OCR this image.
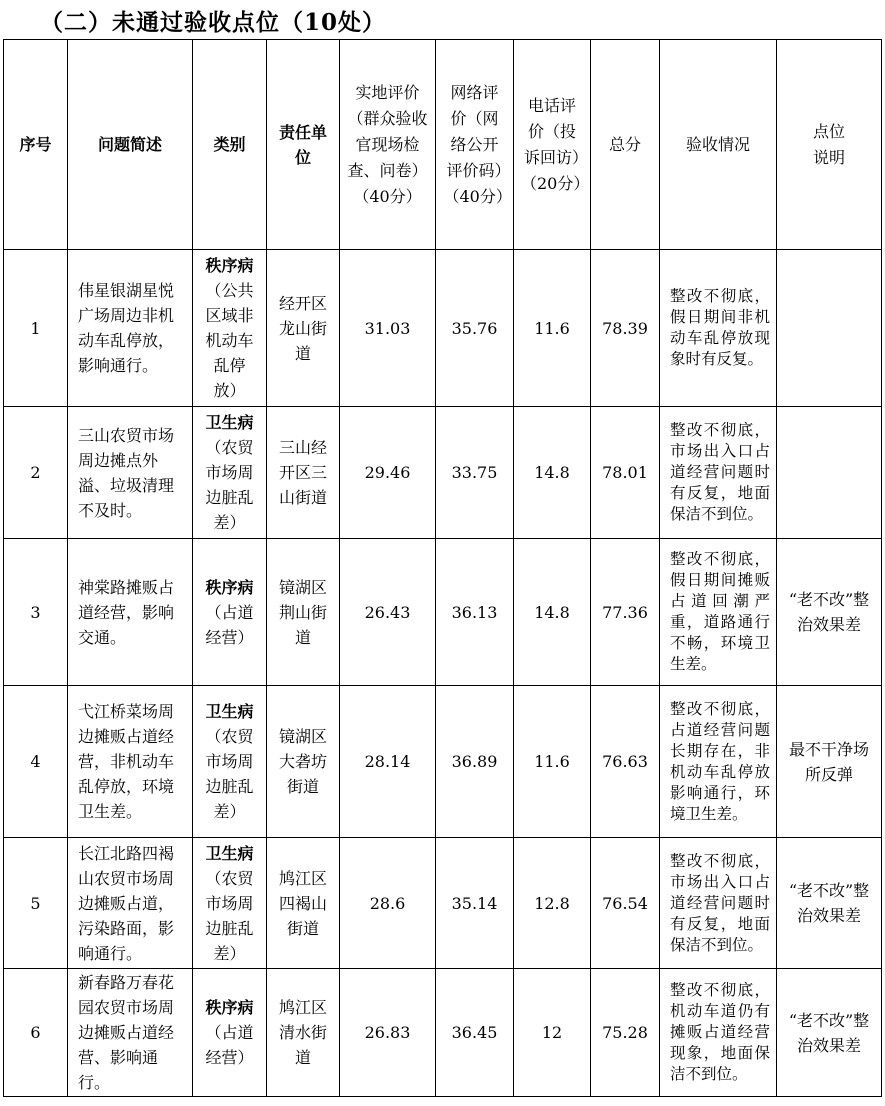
（二）未通过验收点位（10处）
序号	问题简述	类别	责任单位	实地评价（群众验收官现场检查、问卷）（40分）	网络评价（网络公开评价码）（40分）	电话评价（投诉回访）（20分）	总分	验收情况	点位说明
1	伟星银湖星悦广场周边非机动车乱停放，影响通行。	秩序病
（公共区域非机动车乱停放）	经开区龙山街道	31.03	35.76	11.6	78.39	整改不彻底，假日期间非机动车乱停放现象时有反复。	
2	三山农贸市场周边摊点外溢、垃圾清理不及时。	卫生病
（农贸市场周边脏乱差）	三山经开区三山街道	29.46	33.75	14.8	78.01	整改不彻底，市场出入口占道经营问题时有反复，地面保洁不到位。	
3	神棠路摊贩占道经营，影响交通。	秩序病
（占道经营）	镜湖区荆山街道	26.43	36.13	14.8	77.36	整改不彻底，假日期间摊贩占道回潮严重，道路通行不畅，环境卫生差。	“老不改”整治效果差
4	弋江桥菜场周边摊贩占道经营，非机动车乱停放，环境卫生差。	卫生病
（农贸市场周边脏乱差）	镜湖区大砻坊街道	28.14	36.89	11.6	76.63	整改不彻底，占道经营问题长期存在，非机动车乱停放影响通行，环境卫生差。	最不干净场所反弹
5	长江北路四褐山农贸市场周边摊贩占道，污染路面，影响通行。	卫生病
（农贸市场周边脏乱差）	鸠江区四褐山街道	28.6	35.14	12.8	76.54	整改不彻底，市场出入口占道经营问题时有反复，地面保洁不到位。	“老不改”整治效果差
6	新春路万春花园农贸市场周边摊贩占道经营、影响通行。	秩序病
（占道经营）	鸠江区清水街道	26.83	36.45	12	75.28	整改不彻底，机动车道仍有摊贩占道经营现象，地面保洁不到位。	“老不改”整治效果差
